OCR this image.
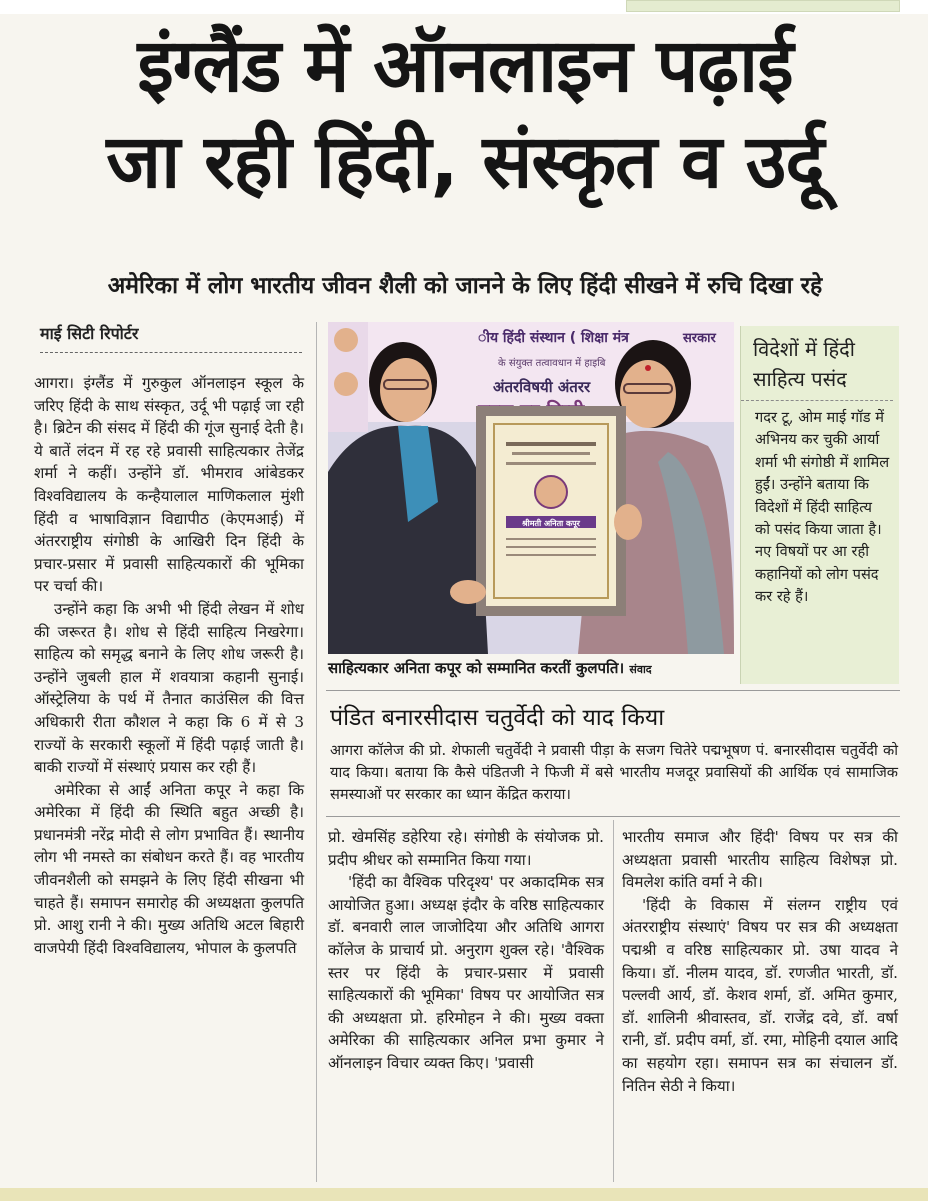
इंग्लैंड में ऑनलाइन पढ़ाई
जा रही हिंदी, संस्कृत व उर्दू
अमेरिका में लोग भारतीय जीवन शैली को जानने के लिए हिंदी सीखने में रुचि दिखा रहे
माई सिटी रिपोर्टर

आगरा। इंग्लैंड में गुरुकुल ऑनलाइन स्कूल के जरिए हिंदी के साथ संस्कृत, उर्दू भी पढ़ाई जा रही है। ब्रिटेन की संसद में हिंदी की गूंज सुनाई देती है। ये बातें लंदन में रह रहे प्रवासी साहित्यकार तेजेंद्र शर्मा ने कहीं। उन्होंने डॉ. भीमराव आंबेडकर विश्वविद्यालय के कन्हैयालाल माणिकलाल मुंशी हिंदी व भाषाविज्ञान विद्यापीठ (केएमआई) में अंतरराष्ट्रीय संगोष्ठी के आखिरी दिन हिंदी के प्रचार-प्रसार में प्रवासी साहित्यकारों की भूमिका पर चर्चा की।

उन्होंने कहा कि अभी भी हिंदी लेखन में शोध की जरूरत है। शोध से हिंदी साहित्य निखरेगा। साहित्य को समृद्ध बनाने के लिए शोध जरूरी है। उन्होंने जुबली हाल में शवयात्रा कहानी सुनाई। ऑस्ट्रेलिया के पर्थ में तैनात काउंसिल की वित्त अधिकारी रीता कौशल ने कहा कि 6 में से 3 राज्यों के सरकारी स्कूलों में हिंदी पढ़ाई जाती है। बाकी राज्यों में संस्थाएं प्रयास कर रही हैं।

अमेरिका से आईं अनिता कपूर ने कहा कि अमेरिका में हिंदी की स्थिति बहुत अच्छी है। प्रधानमंत्री नरेंद्र मोदी से लोग प्रभावित हैं। स्थानीय लोग भी नमस्ते का संबोधन करते हैं। वह भारतीय जीवनशैली को समझने के लिए हिंदी सीखना भी चाहते हैं। समापन समारोह की अध्यक्षता कुलपति प्रो. आशु रानी ने की। मुख्य अतिथि अटल बिहारी वाजपेयी हिंदी विश्वविद्यालय, भोपाल के कुलपति

ीय हिंदी संस्थान ( शिक्षा मंत्र	सरकार
के संयुक्त तत्वावधान में हाइबि
अंतरविषयी अंतरर
श्रीमती अनिता कपूर
साहित्यकार अनिता कपूर को सम्मानित करतीं कुलपति। संवाद
विदेशों में हिंदी साहित्य पसंद
गदर टू, ओम माई गॉड में अभिनय कर चुकी आर्या शर्मा भी संगोष्ठी में शामिल हुईं। उन्होंने बताया कि विदेशों में हिंदी साहित्य को पसंद किया जाता है। नए विषयों पर आ रही कहानियों को लोग पसंद कर रहे हैं।
पंडित बनारसीदास चतुर्वेदी को याद किया
आगरा कॉलेज की प्रो. शेफाली चतुर्वेदी ने प्रवासी पीड़ा के सजग चितेरे पद्मभूषण पं. बनारसीदास चतुर्वेदी को याद किया। बताया कि कैसे पंडितजी ने फिजी में बसे भारतीय मजदूर प्रवासियों की आर्थिक एवं सामाजिक समस्याओं पर सरकार का ध्यान केंद्रित कराया।

प्रो. खेमसिंह डहेरिया रहे। संगोष्ठी के संयोजक प्रो. प्रदीप श्रीधर को सम्मानित किया गया।

'हिंदी का वैश्विक परिदृश्य' पर अकादमिक सत्र आयोजित हुआ। अध्यक्ष इंदौर के वरिष्ठ साहित्यकार डॉ. बनवारी लाल जाजोदिया और अतिथि आगरा कॉलेज के प्राचार्य प्रो. अनुराग शुक्ल रहे। 'वैश्विक स्तर पर हिंदी के प्रचार-प्रसार में प्रवासी साहित्यकारों की भूमिका' विषय पर आयोजित सत्र की अध्यक्षता प्रो. हरिमोहन ने की। मुख्य वक्ता अमेरिका की साहित्यकार अनिल प्रभा कुमार ने ऑनलाइन विचार व्यक्त किए। 'प्रवासी

भारतीय समाज और हिंदी' विषय पर सत्र की अध्यक्षता प्रवासी भारतीय साहित्य विशेषज्ञ प्रो. विमलेश कांति वर्मा ने की।

'हिंदी के विकास में संलग्न राष्ट्रीय एवं अंतरराष्ट्रीय संस्थाएं' विषय पर सत्र की अध्यक्षता पद्मश्री व वरिष्ठ साहित्यकार प्रो. उषा यादव ने किया। डॉ. नीलम यादव, डॉ. रणजीत भारती, डॉ. पल्लवी आर्य, डॉ. केशव शर्मा, डॉ. अमित कुमार, डॉ. शालिनी श्रीवास्तव, डॉ. राजेंद्र दवे, डॉ. वर्षा रानी, डॉ. प्रदीप वर्मा, डॉ. रमा, मोहिनी दयाल आदि का सहयोग रहा। समापन सत्र का संचालन डॉ. नितिन सेठी ने किया।
